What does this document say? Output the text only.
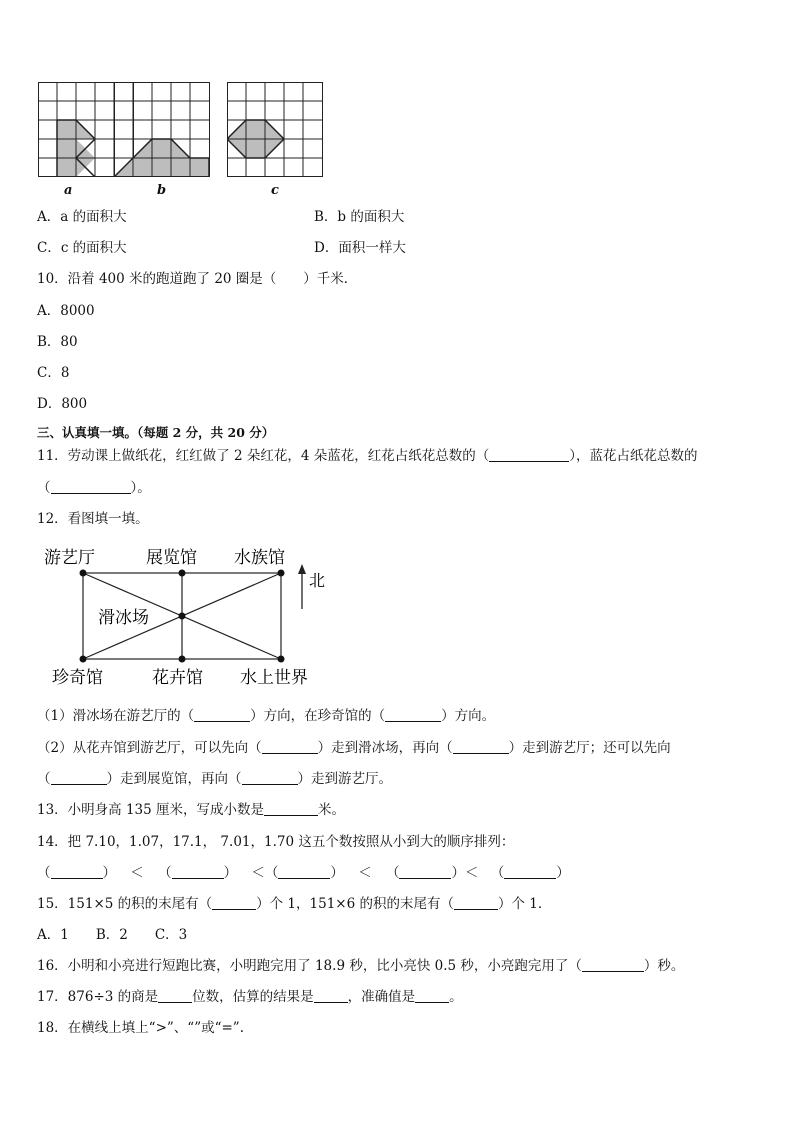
a	b	c
A．a 的面积大	B．b 的面积大
C．c 的面积大	D．面积一样大
10．沿着 400 米的跑道跑了 20 圈是（　　）千米．
A．8000
B．80
C．8
D．800
三、认真填一填。（每题 2 分，共 20 分）
11．劳动课上做纸花，红红做了 2 朵红花，4 朵蓝花，红花占纸花总数的（	），蓝花占纸花总数的
（	）。
12．看图填一填。
游艺厅	展览馆 水族馆
滑冰场
珍奇馆	花卉馆 水上世界
北
（1）滑冰场在游艺厅的（	）方向，在珍奇馆的（	）方向。
（2）从花卉馆到游艺厅，可以先向（	）走到滑冰场，再向（	）走到游艺厅；还可以先向
（	）走到展览馆，再向（	）走到游艺厅。
13．小明身高 135 厘米，写成小数是	米。
14．把 7.10，1.07，17.1， 7.01，1.70 这五个数按照从小到大的顺序排列：
（	） ＜ （	） ＜（	） ＜ （	）＜ （	）
15．151×5 的积的末尾有（	）个 1，151×6 的积的末尾有（	）个 1．
A．1　　B．2　　C．3
16．小明和小亮进行短跑比赛，小明跑完用了 18.9 秒，比小亮快 0.5 秒，小亮跑完用了（	）秒。
17．876÷3 的商是	位数，估算的结果是	，准确值是	。
18．在横线上填上“>”、“”或“=”.
